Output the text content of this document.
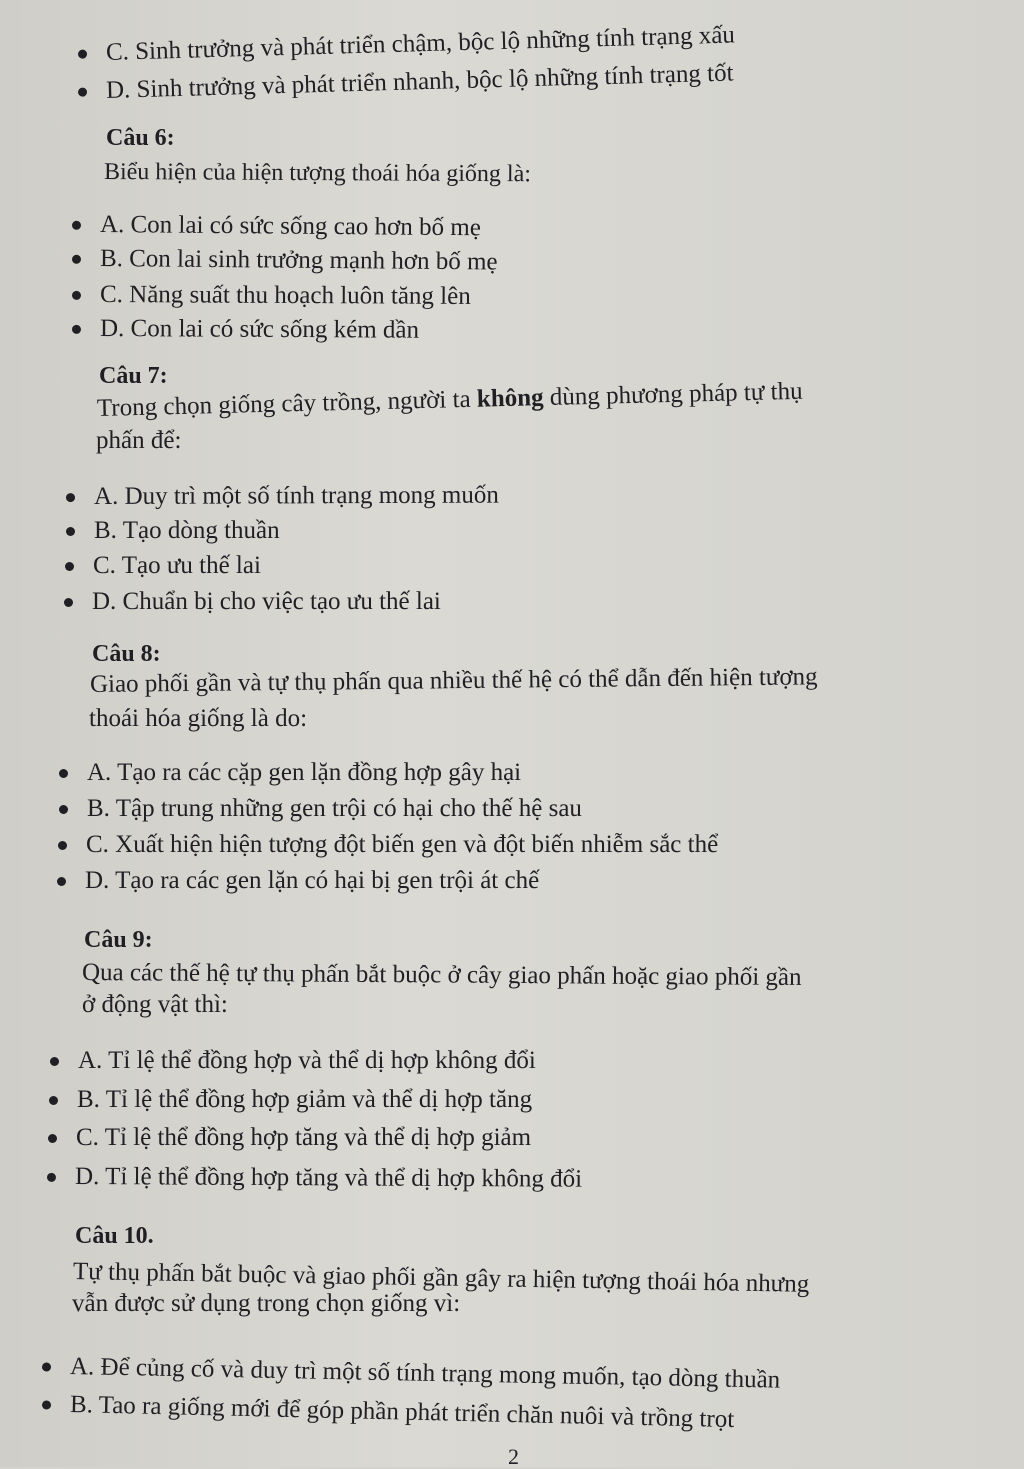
C. Sinh trưởng và phát triển chậm, bộc lộ những tính trạng xấu

D. Sinh trưởng và phát triển nhanh, bộc lộ những tính trạng tốt

Câu 6:

Biểu hiện của hiện tượng thoái hóa giống là:

A. Con lai có sức sống cao hơn bố mẹ

B. Con lai sinh trưởng mạnh hơn bố mẹ

C. Năng suất thu hoạch luôn tăng lên

D. Con lai có sức sống kém dần

Câu 7:

Trong chọn giống cây trồng, người ta không dùng phương pháp tự thụ

phấn để:

A. Duy trì một số tính trạng mong muốn

B. Tạo dòng thuần

C. Tạo ưu thế lai

D. Chuẩn bị cho việc tạo ưu thế lai

Câu 8:

Giao phối gần và tự thụ phấn qua nhiều thế hệ có thể dẫn đến hiện tượng

thoái hóa giống là do:

A. Tạo ra các cặp gen lặn đồng hợp gây hại

B. Tập trung những gen trội có hại cho thế hệ sau

C. Xuất hiện hiện tượng đột biến gen và đột biến nhiễm sắc thể

D. Tạo ra các gen lặn có hại bị gen trội át chế

Câu 9:

Qua các thế hệ tự thụ phấn bắt buộc ở cây giao phấn hoặc giao phối gần

ở động vật thì:

A. Tỉ lệ thể đồng hợp và thể dị hợp không đổi

B. Tỉ lệ thể đồng hợp giảm và thể dị hợp tăng

C. Tỉ lệ thể đồng hợp tăng và thể dị hợp giảm

D. Tỉ lệ thể đồng hợp tăng và thể dị hợp không đổi

Câu 10.

Tự thụ phấn bắt buộc và giao phối gần gây ra hiện tượng thoái hóa nhưng

vẫn được sử dụng trong chọn giống vì:

A. Để củng cố và duy trì một số tính trạng mong muốn, tạo dòng thuần

B. Tao ra giống mới để góp phần phát triển chăn nuôi và trồng trọt

2
